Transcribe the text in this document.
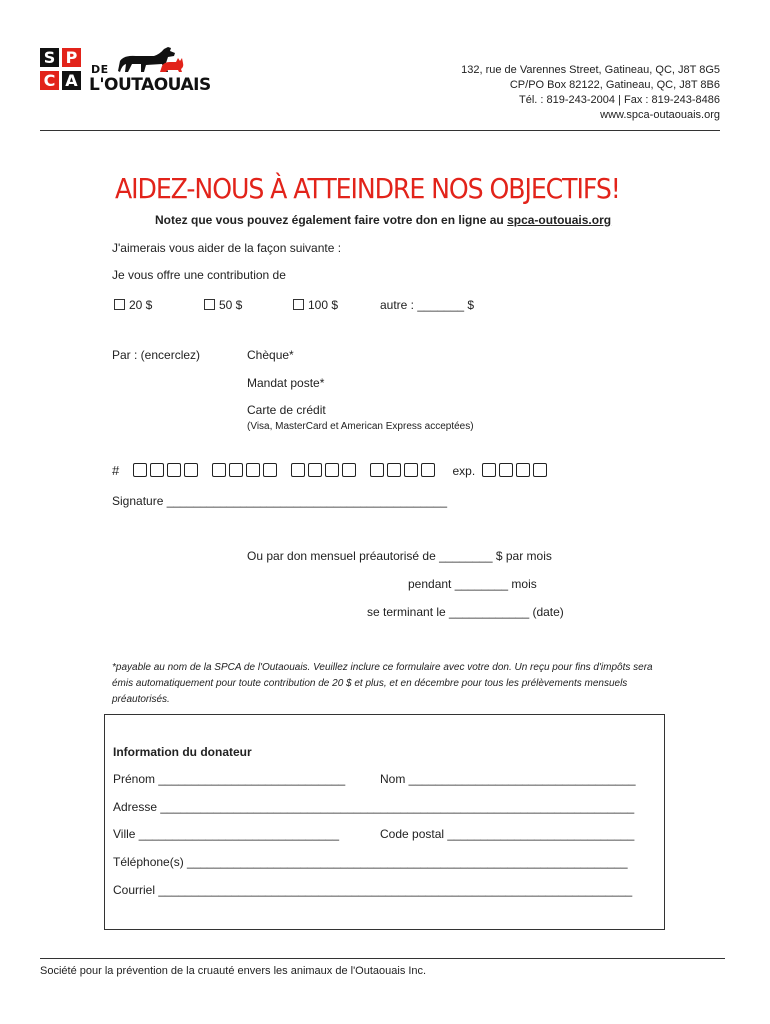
S P
C A
DE
L'OUTAOUAIS
132, rue de Varennes Street, Gatineau, QC, J8T 8G5
CP/PO Box 82122, Gatineau, QC, J8T 8B6
Tél. : 819-243-2004 | Fax : 819-243-8486
www.spca-outaouais.org
AIDEZ-NOUS À ATTEINDRE NOS OBJECTIFS!
Notez que vous pouvez également faire votre don en ligne au spca-outouais.org
J'aimerais vous aider de la façon suivante :
Je vous offre une contribution de
20 $	50 $	100 $	autre : _______ $
Par : (encerclez)	Chèque*
Mandat poste*
Carte de crédit
(Visa, MasterCard et American Express acceptées)
#	exp.
Signature __________________________________________
Ou par don mensuel préautorisé de ________ $ par mois
pendant ________ mois
se terminant le ____________ (date)
*payable au nom de la SPCA de l'Outaouais. Veuillez inclure ce formulaire avec votre don. Un reçu pour fins d'impôts sera émis automatiquement pour toute contribution de 20 $ et plus, et en décembre pour tous les prélèvements mensuels préautorisés.
Information du donateur
Prénom ____________________________	Nom __________________________________
Adresse _______________________________________________________________________
Ville ______________________________	Code postal ____________________________
Téléphone(s) __________________________________________________________________
Courriel _______________________________________________________________________
Société pour la prévention de la cruauté envers les animaux de l'Outaouais Inc.
